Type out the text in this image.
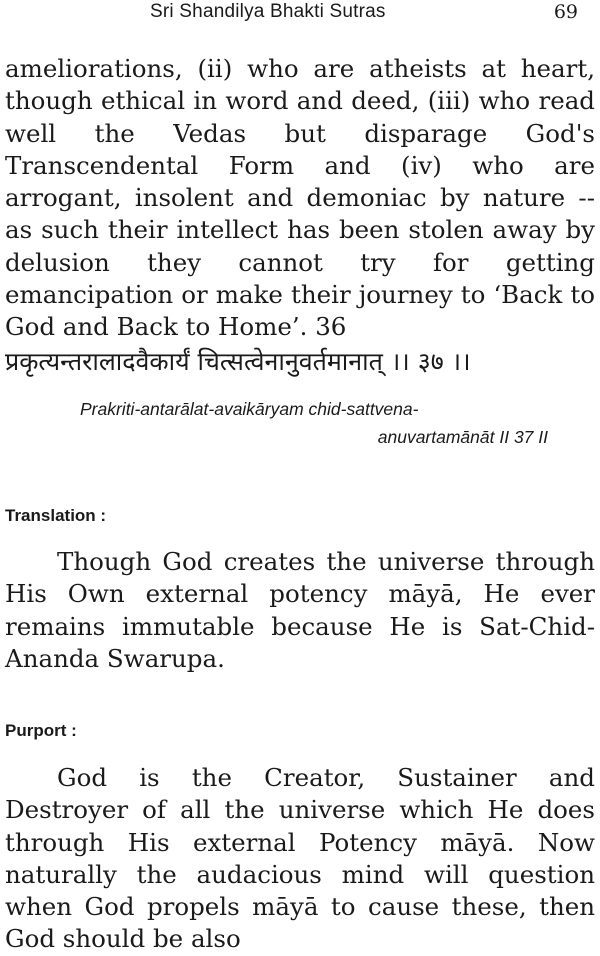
Sri Shandilya Bhakti Sutras	69

ameliorations, (ii) who are atheists at heart, though ethical in word and deed, (iii) who read well the Vedas but disparage God's Transcendental Form and (iv) who are arrogant, insolent and demoniac by nature -- as such their intellect has been stolen away by delusion they cannot try for getting emancipation or make their journey to ‘Back to God and Back to Home’. 36

प्रकृत्यन्तरालादवैकार्यं चित्सत्वेनानुवर्तमानात् ।। ३७ ।।
Prakriti-antarālat-avaikāryam chid-sattvena-
anuvartamānāt II 37 II
Translation :

Though God creates the universe through His Own external potency māyā, He ever remains immutable because He is Sat-Chid-Ananda Swarupa.

Purport :

God is the Creator, Sustainer and Destroyer of all the universe which He does through His external Potency māyā. Now naturally the audacious mind will question when God propels māyā to cause these, then God should be also
